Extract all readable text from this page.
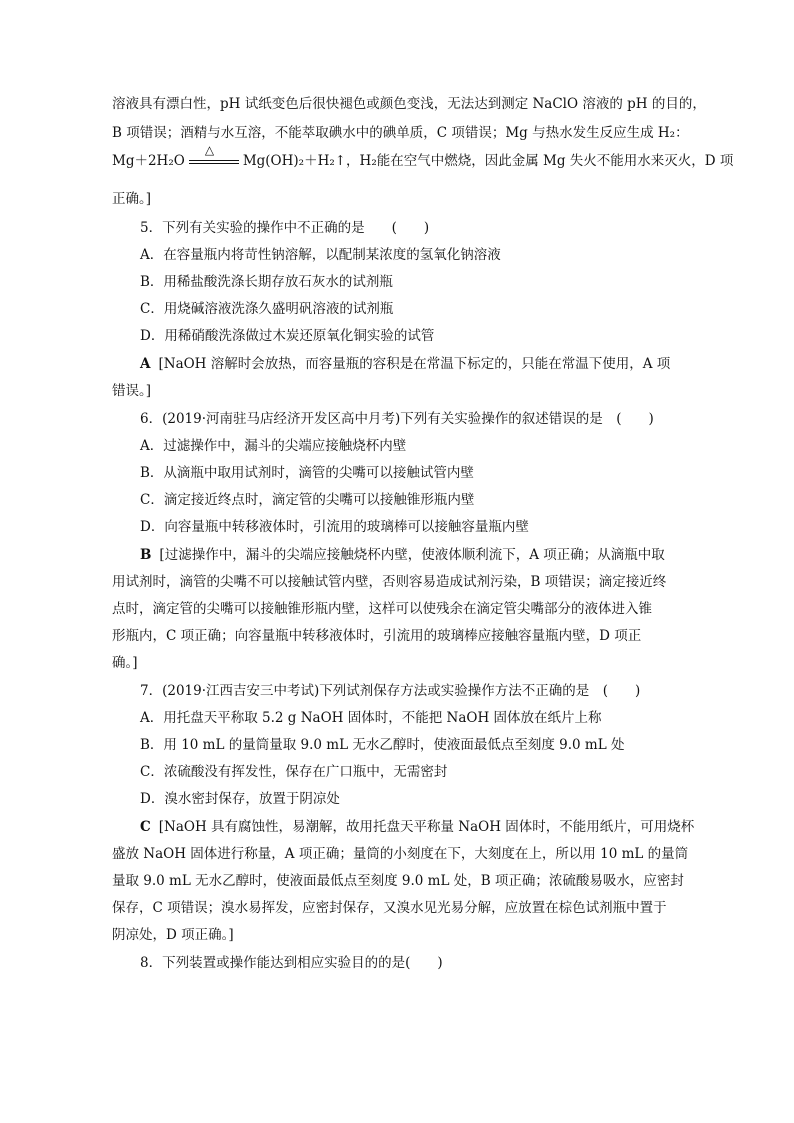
溶液具有漂白性，pH 试纸变色后很快褪色或颜色变浅，无法达到测定 NaClO 溶液的 pH 的目的，
B 项错误；酒精与水互溶，不能萃取碘水中的碘单质，C 项错误；Mg 与热水发生反应生成 H₂：
Mg＋2H₂O
△
Mg(OH)₂＋H₂↑，H₂能在空气中燃烧，因此金属 Mg 失火不能用水来灭火，D 项
正确。]
5．下列有关实验的操作中不正确的是　　(　　)
A．在容量瓶内将苛性钠溶解，以配制某浓度的氢氧化钠溶液
B．用稀盐酸洗涤长期存放石灰水的试剂瓶
C．用烧碱溶液洗涤久盛明矾溶液的试剂瓶
D．用稀硝酸洗涤做过木炭还原氧化铜实验的试管
A [NaOH 溶解时会放热，而容量瓶的容积是在常温下标定的，只能在常温下使用，A 项
错误。]
6．(2019·河南驻马店经济开发区高中月考)下列有关实验操作的叙述错误的是　(　　)
A．过滤操作中，漏斗的尖端应接触烧杯内壁
B．从滴瓶中取用试剂时，滴管的尖嘴可以接触试管内壁
C．滴定接近终点时，滴定管的尖嘴可以接触锥形瓶内壁
D．向容量瓶中转移液体时，引流用的玻璃棒可以接触容量瓶内壁
B [过滤操作中，漏斗的尖端应接触烧杯内壁，使液体顺利流下，A 项正确；从滴瓶中取
用试剂时，滴管的尖嘴不可以接触试管内壁，否则容易造成试剂污染，B 项错误；滴定接近终
点时，滴定管的尖嘴可以接触锥形瓶内壁，这样可以使残余在滴定管尖嘴部分的液体进入锥
形瓶内，C 项正确；向容量瓶中转移液体时，引流用的玻璃棒应接触容量瓶内壁，D 项正
确。]
7．(2019·江西吉安三中考试)下列试剂保存方法或实验操作方法不正确的是　(　　)
A．用托盘天平称取 5.2 g NaOH 固体时，不能把 NaOH 固体放在纸片上称
B．用 10 mL 的量筒量取 9.0 mL 无水乙醇时，使液面最低点至刻度 9.0 mL 处
C．浓硫酸没有挥发性，保存在广口瓶中，无需密封
D．溴水密封保存，放置于阴凉处
C [NaOH 具有腐蚀性，易潮解，故用托盘天平称量 NaOH 固体时，不能用纸片，可用烧杯
盛放 NaOH 固体进行称量，A 项正确；量筒的小刻度在下，大刻度在上，所以用 10 mL 的量筒
量取 9.0 mL 无水乙醇时，使液面最低点至刻度 9.0 mL 处，B 项正确；浓硫酸易吸水，应密封
保存，C 项错误；溴水易挥发，应密封保存，又溴水见光易分解，应放置在棕色试剂瓶中置于
阴凉处，D 项正确。]
8．下列装置或操作能达到相应实验目的的是(　　)
